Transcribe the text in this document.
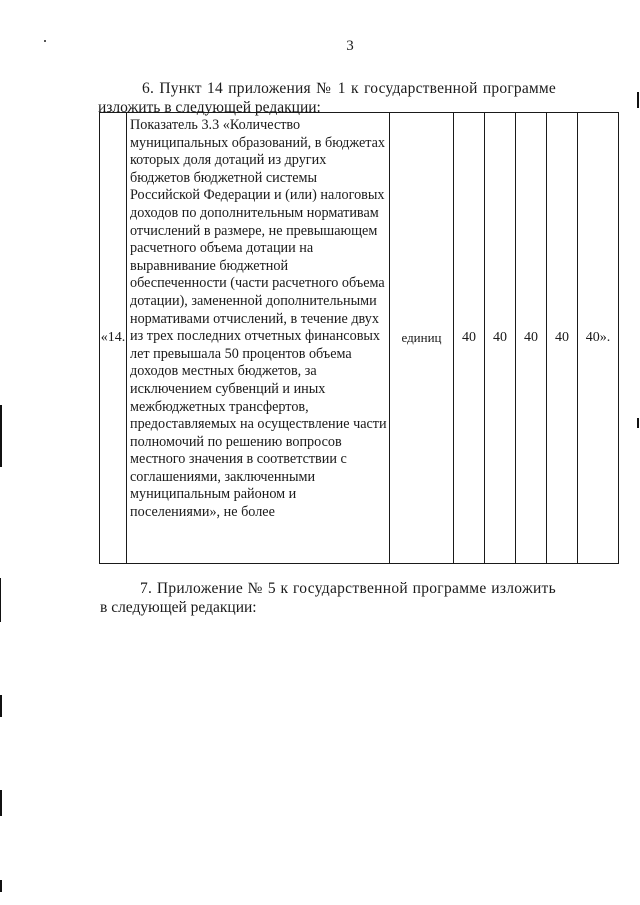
3
6. Пункт 14 приложения № 1 к государственной программе
изложить в следующей редакции:
«14.	Показатель 3.3 «Количество муниципальных образований, в бюджетах которых доля дотаций из других бюджетов бюджетной системы Российской Федерации и (или) налоговых доходов по дополнительным нормативам отчислений в размере, не превышающем расчетного объема дотации на выравнивание бюджетной обеспеченности (части расчетного объема дотации), замененной дополнительными нормативами отчислений, в течение двух из трех последних отчетных финансовых лет превышала 50 процентов объема доходов местных бюджетов, за исключением субвенций и иных межбюджетных трансфертов, предоставляемых на осуществление части полномочий по решению вопросов местного значения в соответствии с соглашениями, заключенными муниципальным районом и поселениями», не более	единиц	40	40	40	40	40».
7. Приложение № 5 к государственной программе изложить
в следующей редакции:
